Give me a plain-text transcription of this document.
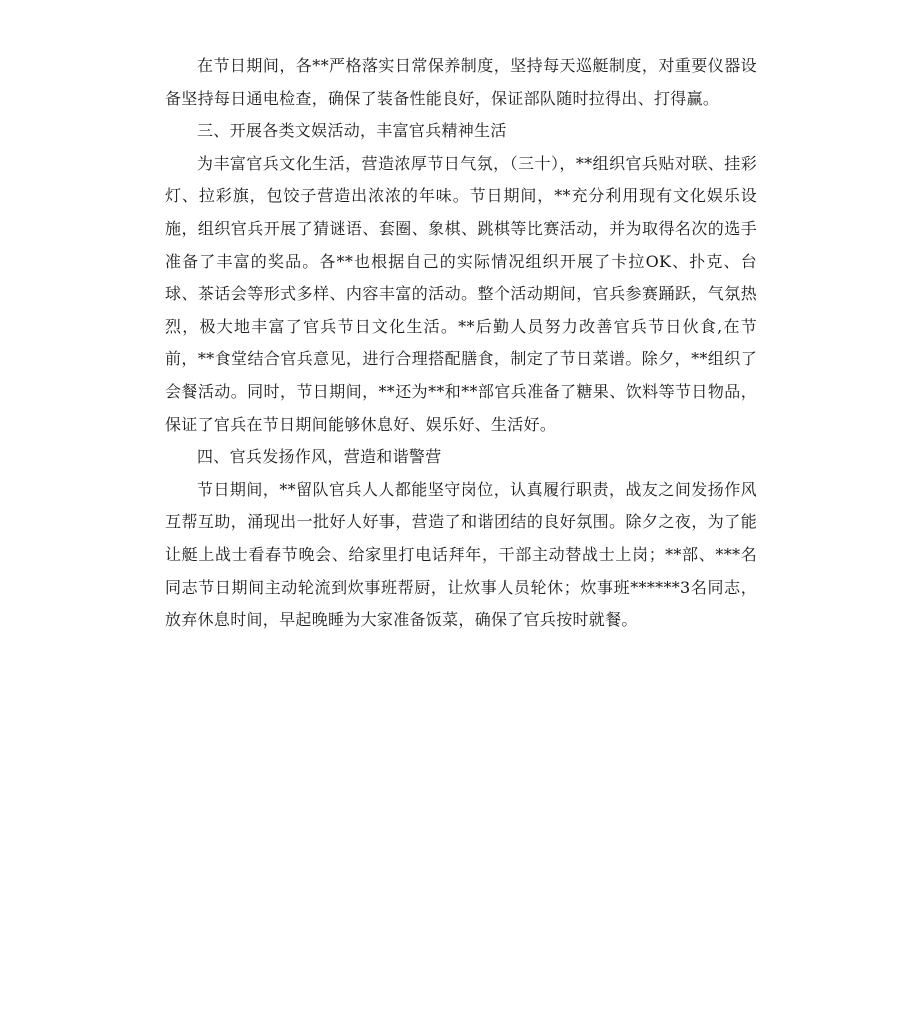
在节日期间，各**严格落实日常保养制度，坚持每天巡艇制度，对重要仪器设备坚持每日通电检查，确保了装备性能良好，保证部队随时拉得出、打得赢。

三、开展各类文娱活动，丰富官兵精神生活

为丰富官兵文化生活，营造浓厚节日气氛，（三十），**组织官兵贴对联、挂彩灯、拉彩旗，包饺子营造出浓浓的年味。节日期间，**充分利用现有文化娱乐设施，组织官兵开展了猜谜语、套圈、象棋、跳棋等比赛活动，并为取得名次的选手准备了丰富的奖品。各**也根据自己的实际情况组织开展了卡拉OK、扑克、台球、茶话会等形式多样、内容丰富的活动。整个活动期间，官兵参赛踊跃，气氛热烈，极大地丰富了官兵节日文化生活。**后勤人员努力改善官兵节日伙食,在节前，**食堂结合官兵意见，进行合理搭配膳食，制定了节日菜谱。除夕，**组织了会餐活动。同时，节日期间，**还为**和**部官兵准备了糖果、饮料等节日物品，保证了官兵在节日期间能够休息好、娱乐好、生活好。

四、官兵发扬作风，营造和谐警营

节日期间，**留队官兵人人都能坚守岗位，认真履行职责，战友之间发扬作风互帮互助，涌现出一批好人好事，营造了和谐团结的良好氛围。除夕之夜，为了能让艇上战士看春节晚会、给家里打电话拜年，干部主动替战士上岗；**部、***名同志节日期间主动轮流到炊事班帮厨，让炊事人员轮休；炊事班******3名同志，放弃休息时间，早起晚睡为大家准备饭菜，确保了官兵按时就餐。
